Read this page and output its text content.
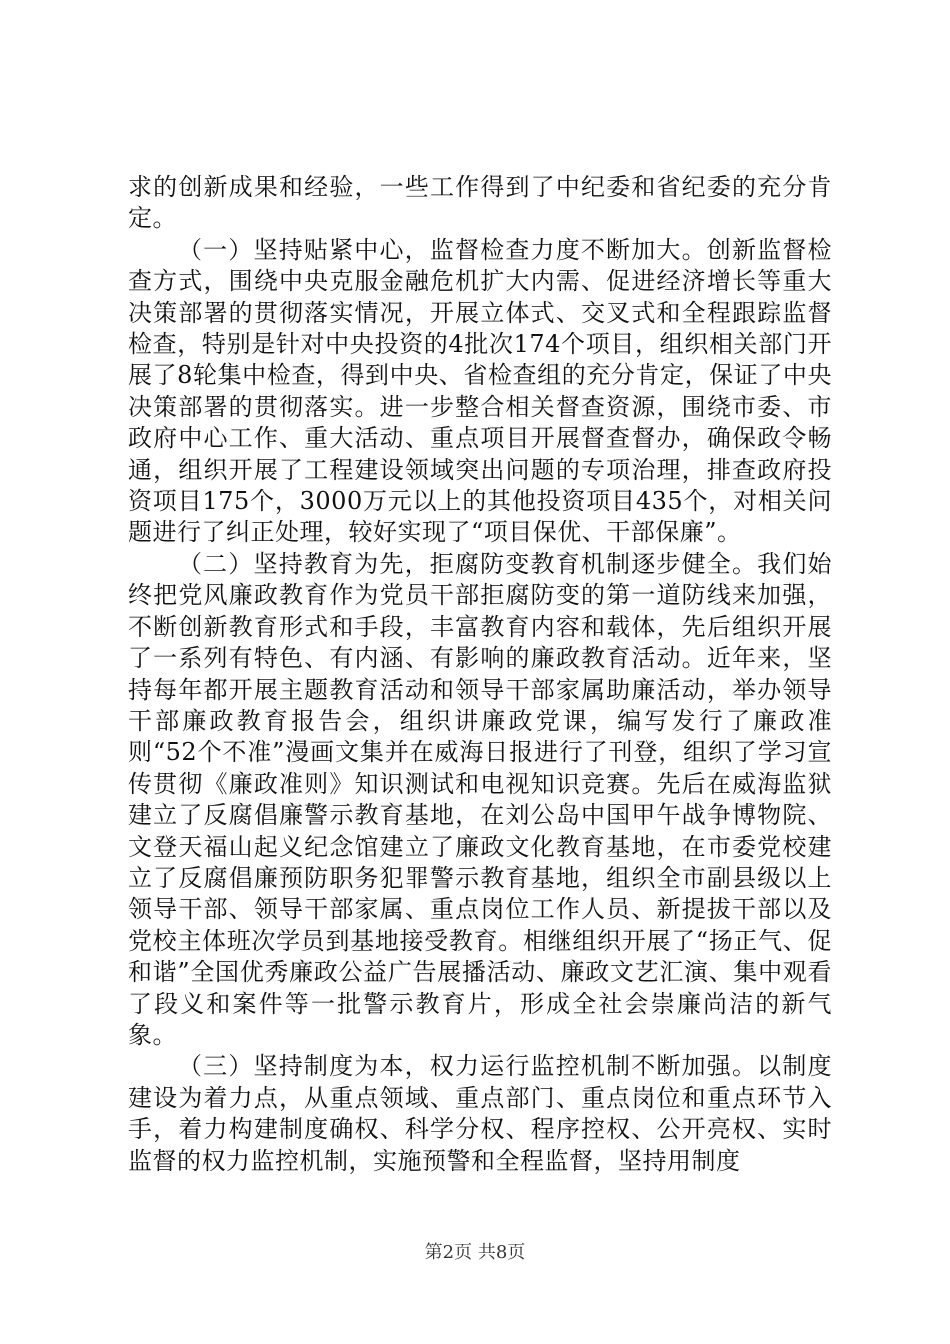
求的创新成果和经验，一些工作得到了中纪委和省纪委的充分肯定。

（一）坚持贴紧中心，监督检查力度不断加大。创新监督检查方式，围绕中央克服金融危机扩大内需、促进经济增长等重大决策部署的贯彻落实情况，开展立体式、交叉式和全程跟踪监督检查，特别是针对中央投资的4批次174个项目，组织相关部门开展了8轮集中检查，得到中央、省检查组的充分肯定，保证了中央决策部署的贯彻落实。进一步整合相关督查资源，围绕市委、市政府中心工作、重大活动、重点项目开展督查督办，确保政令畅通，组织开展了工程建设领域突出问题的专项治理，排查政府投资项目175个，3000万元以上的其他投资项目435个，对相关问题进行了纠正处理，较好实现了“项目保优、干部保廉”。

（二）坚持教育为先，拒腐防变教育机制逐步健全。我们始终把党风廉政教育作为党员干部拒腐防变的第一道防线来加强，不断创新教育形式和手段，丰富教育内容和载体，先后组织开展了一系列有特色、有内涵、有影响的廉政教育活动。近年来，坚持每年都开展主题教育活动和领导干部家属助廉活动，举办领导干部廉政教育报告会，组织讲廉政党课，编写发行了廉政准则“52个不准”漫画文集并在威海日报进行了刊登，组织了学习宣传贯彻《廉政准则》知识测试和电视知识竞赛。先后在威海监狱建立了反腐倡廉警示教育基地，在刘公岛中国甲午战争博物院、文登天福山起义纪念馆建立了廉政文化教育基地，在市委党校建立了反腐倡廉预防职务犯罪警示教育基地，组织全市副县级以上领导干部、领导干部家属、重点岗位工作人员、新提拔干部以及党校主体班次学员到基地接受教育。相继组织开展了“扬正气、促和谐”全国优秀廉政公益广告展播活动、廉政文艺汇演、集中观看了段义和案件等一批警示教育片，形成全社会崇廉尚洁的新气象。

（三）坚持制度为本，权力运行监控机制不断加强。以制度建设为着力点，从重点领域、重点部门、重点岗位和重点环节入手，着力构建制度确权、科学分权、程序控权、公开亮权、实时监督的权力监控机制，实施预警和全程监督，坚持用制度

第2页 共8页
